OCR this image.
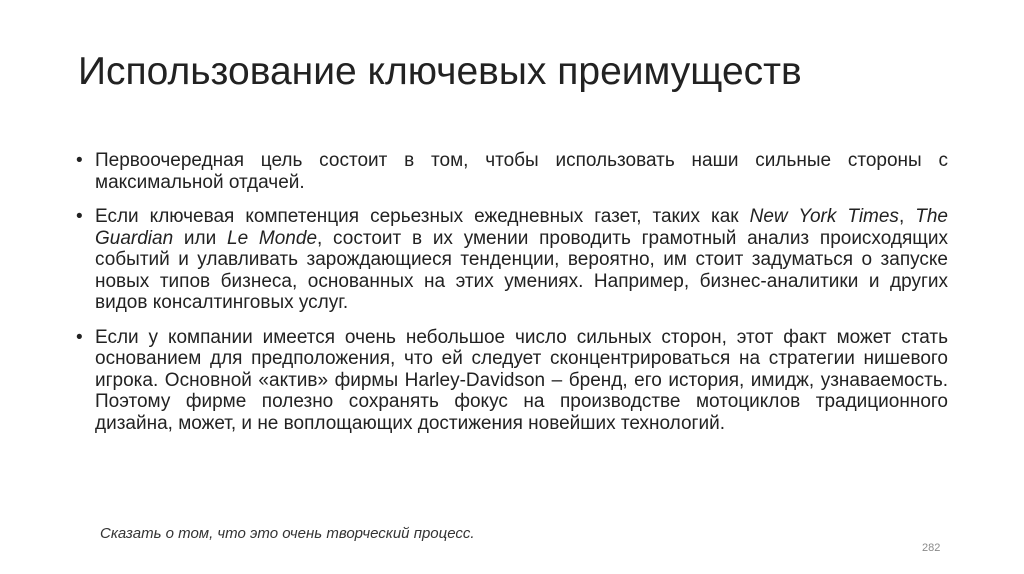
Использование ключевых преимуществ
• Первоочередная цель состоит в том, чтобы использовать наши сильные стороны с максимальной отдачей.
• Если ключевая компетенция серьезных ежедневных газет, таких как New York Times, The Guardian или Le Monde, состоит в их умении проводить грамотный анализ происходящих событий и улавливать зарождающиеся тенденции, вероятно, им стоит задуматься о запуске новых типов бизнеса, основанных на этих умениях. Например, бизнес-аналитики и других видов консалтинговых услуг.
• Если у компании имеется очень небольшое число сильных сторон, этот факт может стать основанием для предположения, что ей следует сконцентрироваться на стратегии нишевого игрока. Основной «актив» фирмы Harley-Davidson – бренд, его история, имидж, узнаваемость. Поэтому фирме полезно сохранять фокус на производстве мотоциклов традиционного дизайна, может, и не воплощающих достижения новейших технологий.
Сказать о том, что это очень творческий процесс.
282
